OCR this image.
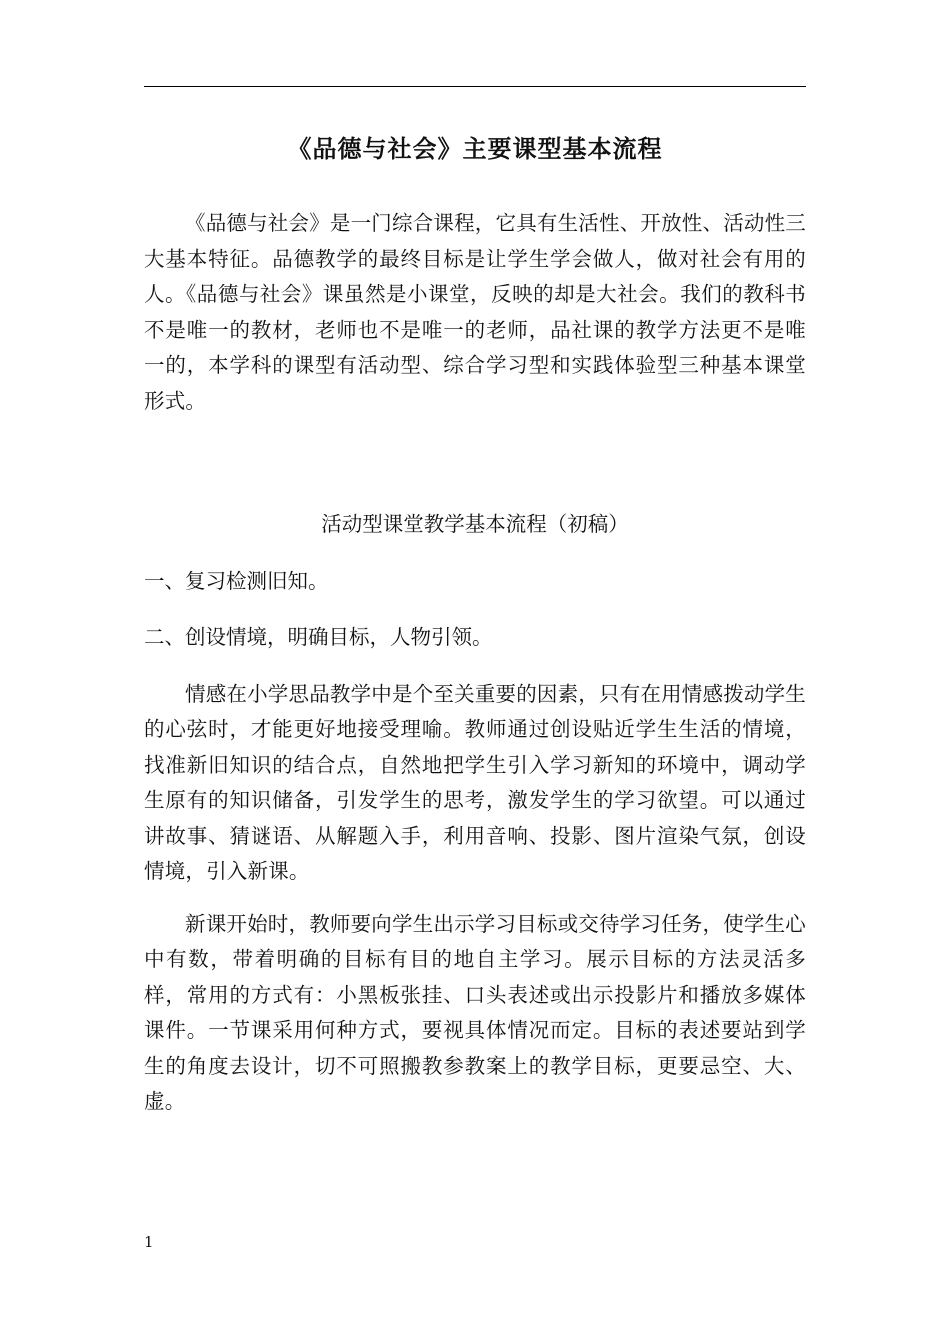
《品德与社会》主要课型基本流程

《品德与社会》是一门综合课程，它具有生活性、开放性、活动性三大基本特征。品德教学的最终目标是让学生学会做人，做对社会有用的人。《品德与社会》课虽然是小课堂，反映的却是大社会。我们的教科书不是唯一的教材，老师也不是唯一的老师，品社课的教学方法更不是唯一的，本学科的课型有活动型、综合学习型和实践体验型三种基本课堂形式。

活动型课堂教学基本流程（初稿）

一、复习检测旧知。

二、创设情境，明确目标，人物引领。

情感在小学思品教学中是个至关重要的因素，只有在用情感拨动学生的心弦时，才能更好地接受理喻。教师通过创设贴近学生生活的情境，找准新旧知识的结合点，自然地把学生引入学习新知的环境中，调动学生原有的知识储备，引发学生的思考，激发学生的学习欲望。可以通过讲故事、猜谜语、从解题入手，利用音响、投影、图片渲染气氛，创设情境，引入新课。

新课开始时，教师要向学生出示学习目标或交待学习任务，使学生心中有数，带着明确的目标有目的地自主学习。展示目标的方法灵活多样，常用的方式有：小黑板张挂、口头表述或出示投影片和播放多媒体课件。一节课采用何种方式，要视具体情况而定。目标的表述要站到学生的角度去设计，切不可照搬教参教案上的教学目标，更要忌空、大、虚。

1
